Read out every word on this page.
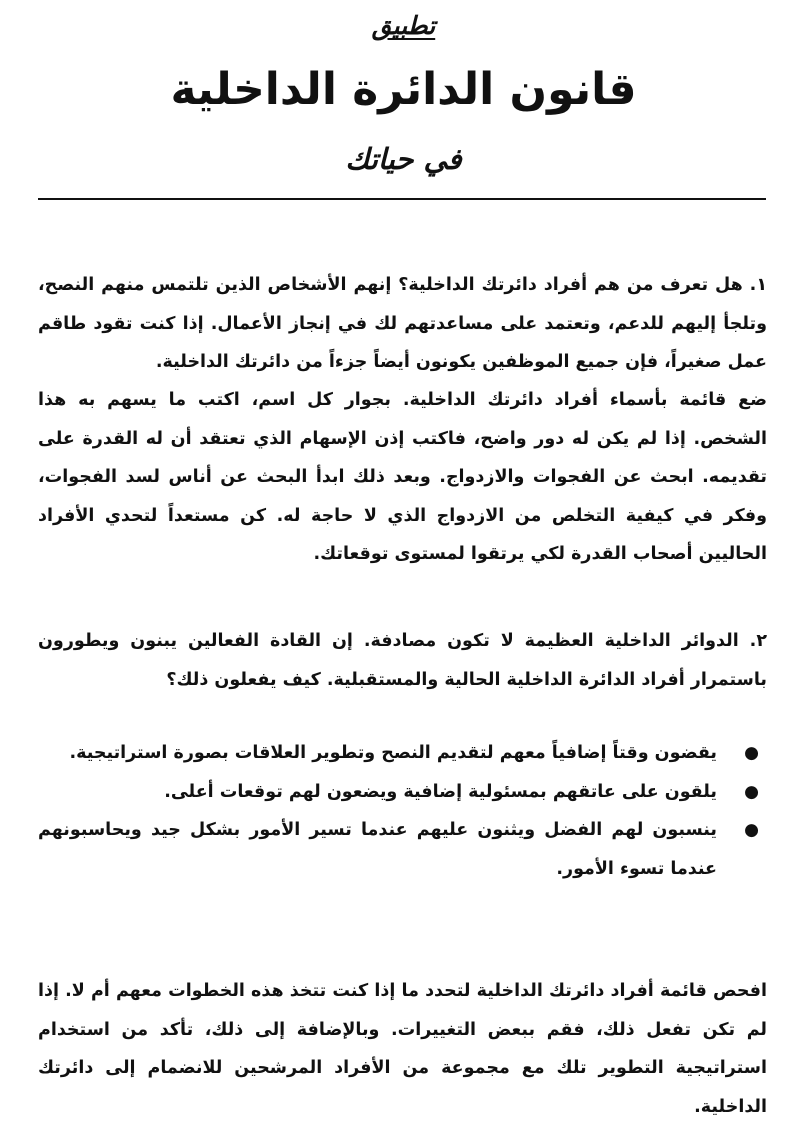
تطبيق
قانون الدائرة الداخلية
في حياتك

١. هل تعرف من هم أفراد دائرتك الداخلية؟ إنهم الأشخاص الذين تلتمس منهم النصح، وتلجأ إليهم للدعم، وتعتمد على مساعدتهم لك في إنجاز الأعمال. إذا كنت تقود طاقم عمل صغيراً، فإن جميع الموظفين يكونون أيضاً جزءاً من دائرتك الداخلية.

ضع قائمة بأسماء أفراد دائرتك الداخلية. بجوار كل اسم، اكتب ما يسهم به هذا الشخص. إذا لم يكن له دور واضح، فاكتب إذن الإسهام الذي تعتقد أن له القدرة على تقديمه. ابحث عن الفجوات والازدواج. وبعد ذلك ابدأ البحث عن أناس لسد الفجوات، وفكر في كيفية التخلص من الازدواج الذي لا حاجة له. كن مستعداً لتحدي الأفراد الحاليين أصحاب القدرة لكي يرتقوا لمستوى توقعاتك.

٢. الدوائر الداخلية العظيمة لا تكون مصادفة. إن القادة الفعالين يبنون ويطورون باستمرار أفراد الدائرة الداخلية الحالية والمستقبلية. كيف يفعلون ذلك؟

●
يقضون وقتاً إضافياً معهم لتقديم النصح وتطوير العلاقات بصورة استراتيجية.
●
يلقون على عاتقهم بمسئولية إضافية ويضعون لهم توقعات أعلى.
●
ينسبون لهم الفضل ويثنون عليهم عندما تسير الأمور بشكل جيد ويحاسبونهم عندما تسوء الأمور.

افحص قائمة أفراد دائرتك الداخلية لتحدد ما إذا كنت تتخذ هذه الخطوات معهم أم لا. إذا لم تكن تفعل ذلك، فقم ببعض التغييرات. وبالإضافة إلى ذلك، تأكد من استخدام استراتيجية التطوير تلك مع مجموعة من الأفراد المرشحين للانضمام إلى دائرتك الداخلية.
